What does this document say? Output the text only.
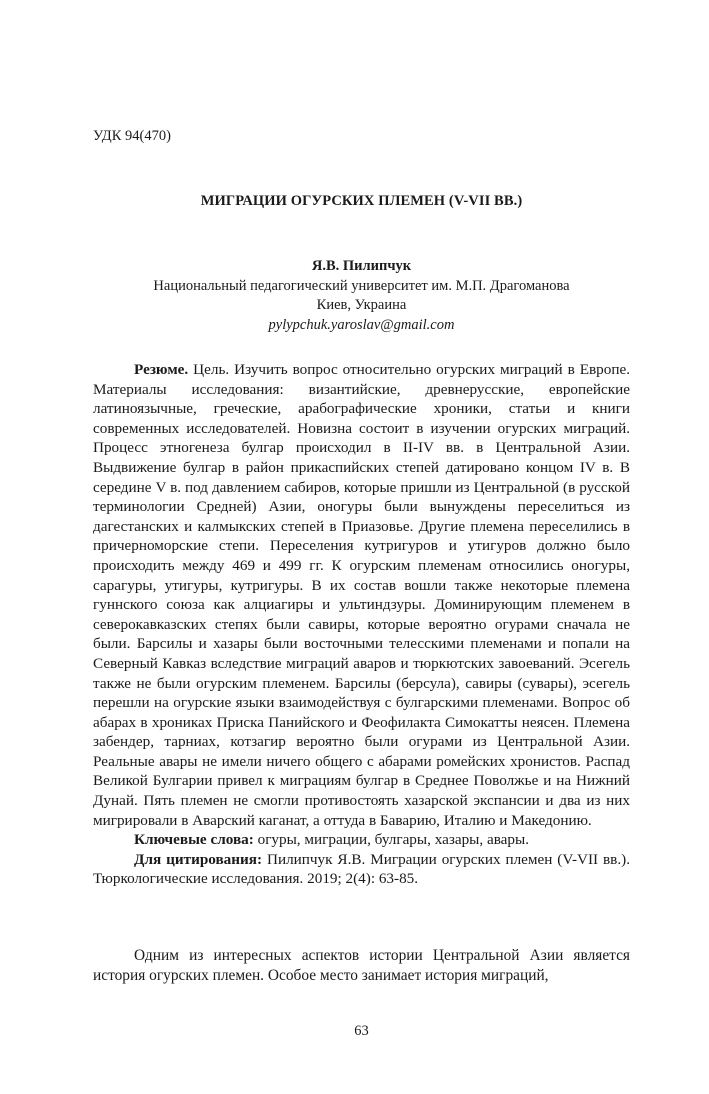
УДК 94(470)
МИГРАЦИИ ОГУРСКИХ ПЛЕМЕН (V-VII ВВ.)
Я.В. Пилипчук
Национальный педагогический университет им. М.П. Драгоманова
Киев, Украина
pylypchuk.yaroslav@gmail.com

Резюме. Цель. Изучить вопрос относительно огурских миграций в Европе. Материалы исследования: византийские, древнерусские, европейские латиноязычные, греческие, арабографические хроники, статьи и книги современных исследователей. Новизна состоит в изучении огурских миграций. Процесс этногенеза булгар происходил в II-IV вв. в Центральной Азии. Выдвижение булгар в район прикаспийских степей датировано концом IV в. В середине V в. под давлением сабиров, которые пришли из Центральной (в русской терминологии Средней) Азии, оногуры были вынуждены переселиться из дагестанских и калмыкских степей в Приазовье. Другие племена переселились в причерноморские степи. Переселения кутригуров и утигуров должно было происходить между 469 и 499 гг. К огурским племенам относились оногуры, сарагуры, утигуры, кутригуры. В их состав вошли также некоторые племена гуннского союза как алциагиры и ультиндзуры. Доминирующим племенем в северокавказских степях были савиры, которые вероятно огурами сначала не были. Барсилы и хазары были восточными телесскими племенами и попали на Северный Кавказ вследствие миграций аваров и тюркютских завоеваний. Эсегель также не были огурским племенем. Барсилы (берсула), савиры (сувары), эсегель перешли на огурские языки взаимодействуя с булгарскими племенами. Вопрос об абарах в хрониках Приска Панийского и Феофилакта Симокатты неясен. Племена забендер, тарниах, котзагир вероятно были огурами из Центральной Азии. Реальные авары не имели ничего общего с абарами ромейских хронистов. Распад Великой Булгарии привел к миграциям булгар в Среднее Поволжье и на Нижний Дунай. Пять племен не смогли противостоять хазарской экспансии и два из них мигрировали в Аварский каганат, а оттуда в Баварию, Италию и Македонию.

Ключевые слова: огуры, миграции, булгары, хазары, авары.

Для цитирования: Пилипчук Я.В. Миграции огурских племен (V-VII вв.). Тюркологические исследования. 2019; 2(4): 63-85.

Одним из интересных аспектов истории Центральной Азии является история огурских племен. Особое место занимает история миграций,

63
